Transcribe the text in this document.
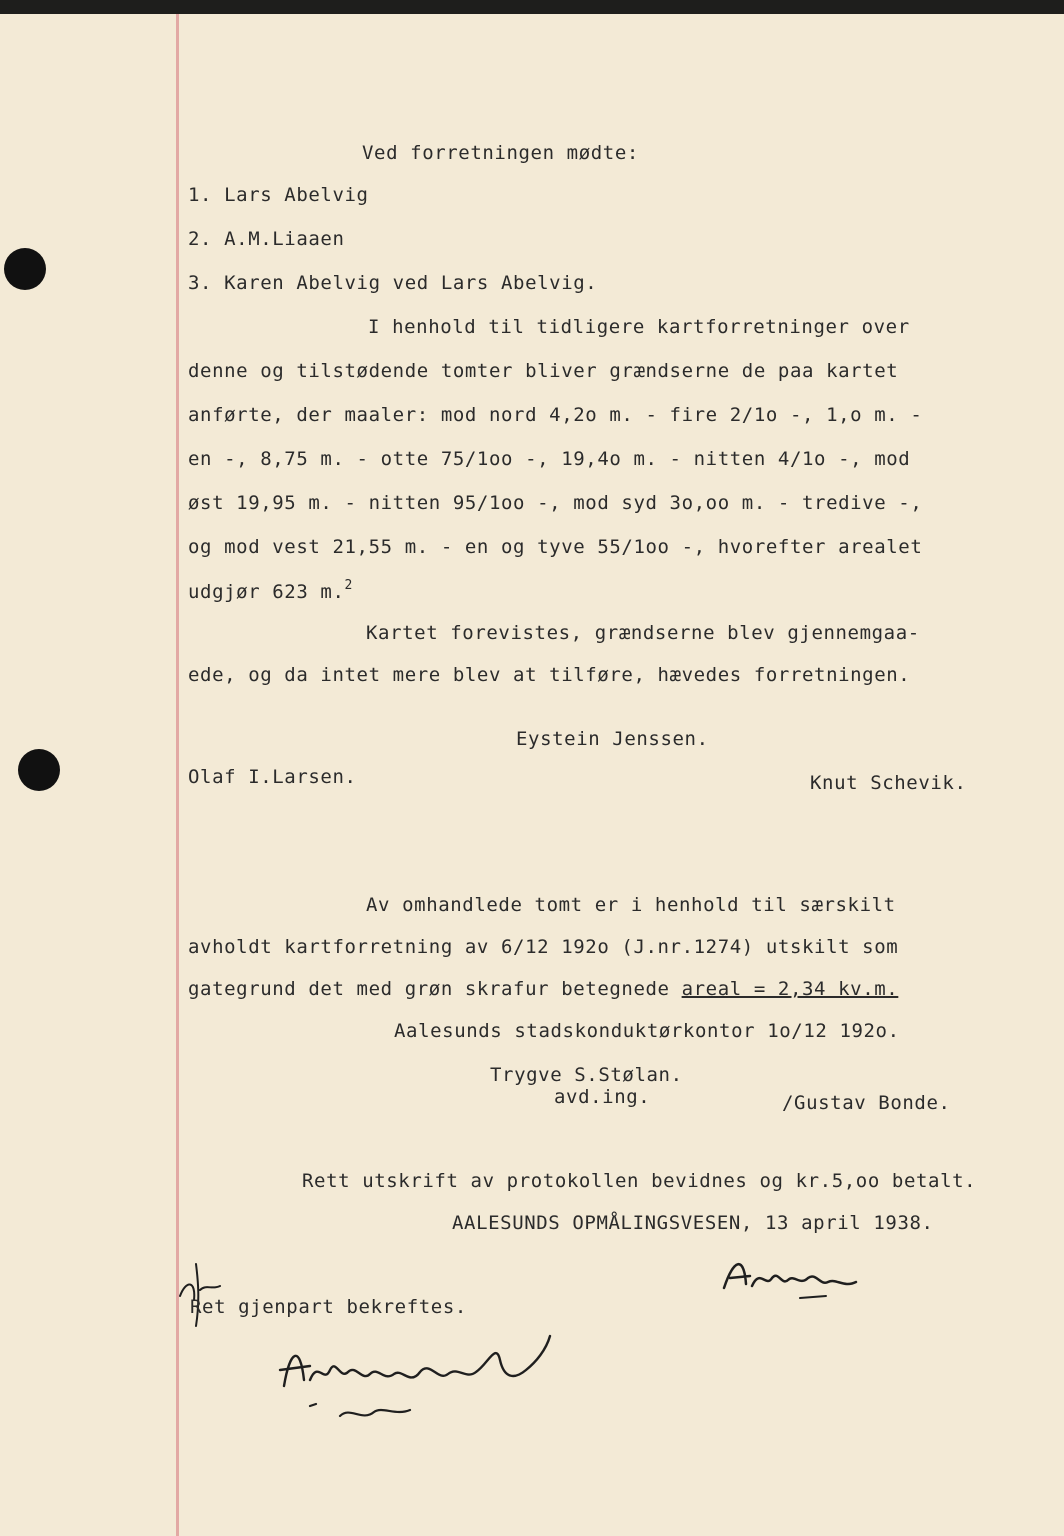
Ved forretningen mødte:
1. Lars Abelvig
2. A.M.Liaaen
3. Karen Abelvig ved Lars Abelvig.
I henhold til tidligere kartforretninger over
denne og tilstødende tomter bliver grændserne de paa kartet
anførte, der maaler: mod nord 4,2o m. - fire 2/1o -, 1,o m. -
en -, 8,75 m. - otte 75/1oo -, 19,4o m. - nitten 4/1o -, mod
øst 19,95 m. - nitten 95/1oo -, mod syd 3o,oo m. - tredive -,
og mod vest 21,55 m. - en og tyve 55/1oo -, hvorefter arealet
udgjør 623 m.$^2$
Kartet forevistes, grændserne blev gjennemgaa-
ede, og da intet mere blev at tilføre, hævedes forretningen.
Eystein Jenssen.
Olaf I.Larsen.	Knut Schevik.
Av omhandlede tomt er i henhold til særskilt
avholdt kartforretning av 6/12 192o (J.nr.1274) utskilt som
gategrund det med grøn skrafur betegnede areal = 2,34 kv.m.
Aalesunds stadskonduktørkontor 1o/12 192o.
Trygve S.Stølan.
avd.ing.	/Gustav Bonde.
Rett utskrift av protokollen bevidnes og kr.5,oo betalt.
AALESUNDS OPMÅLINGSVESEN, 13 april 1938.
Ret gjenpart bekreftes.
